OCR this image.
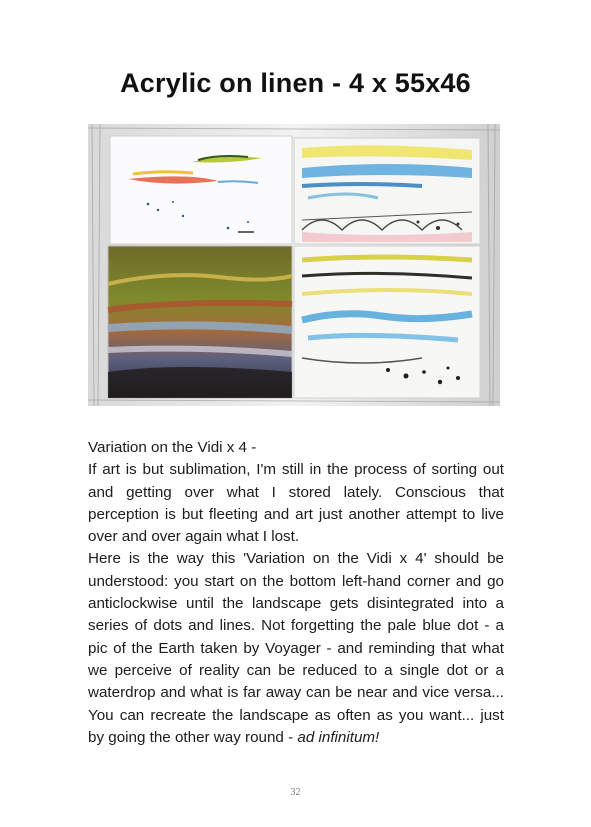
Acrylic on linen - 4 x 55x46

Variation on the Vidi x 4 -

If art is but sublimation, I'm still in the process of sorting out and getting over what I stored lately. Conscious that perception is but fleeting and art just another attempt to live over and over again what I lost.

Here is the way this 'Variation on the Vidi x 4' should be understood: you start on the bottom left-hand corner and go anticlockwise until the landscape gets disintegrated into a series of dots and lines. Not forgetting the pale blue dot - a pic of the Earth taken by Voyager - and reminding that what we perceive of reality can be reduced to a single dot or a waterdrop and what is far away can be near and vice versa... You can recreate the landscape as often as you want... just by going the other way round - ad infinitum!

32
